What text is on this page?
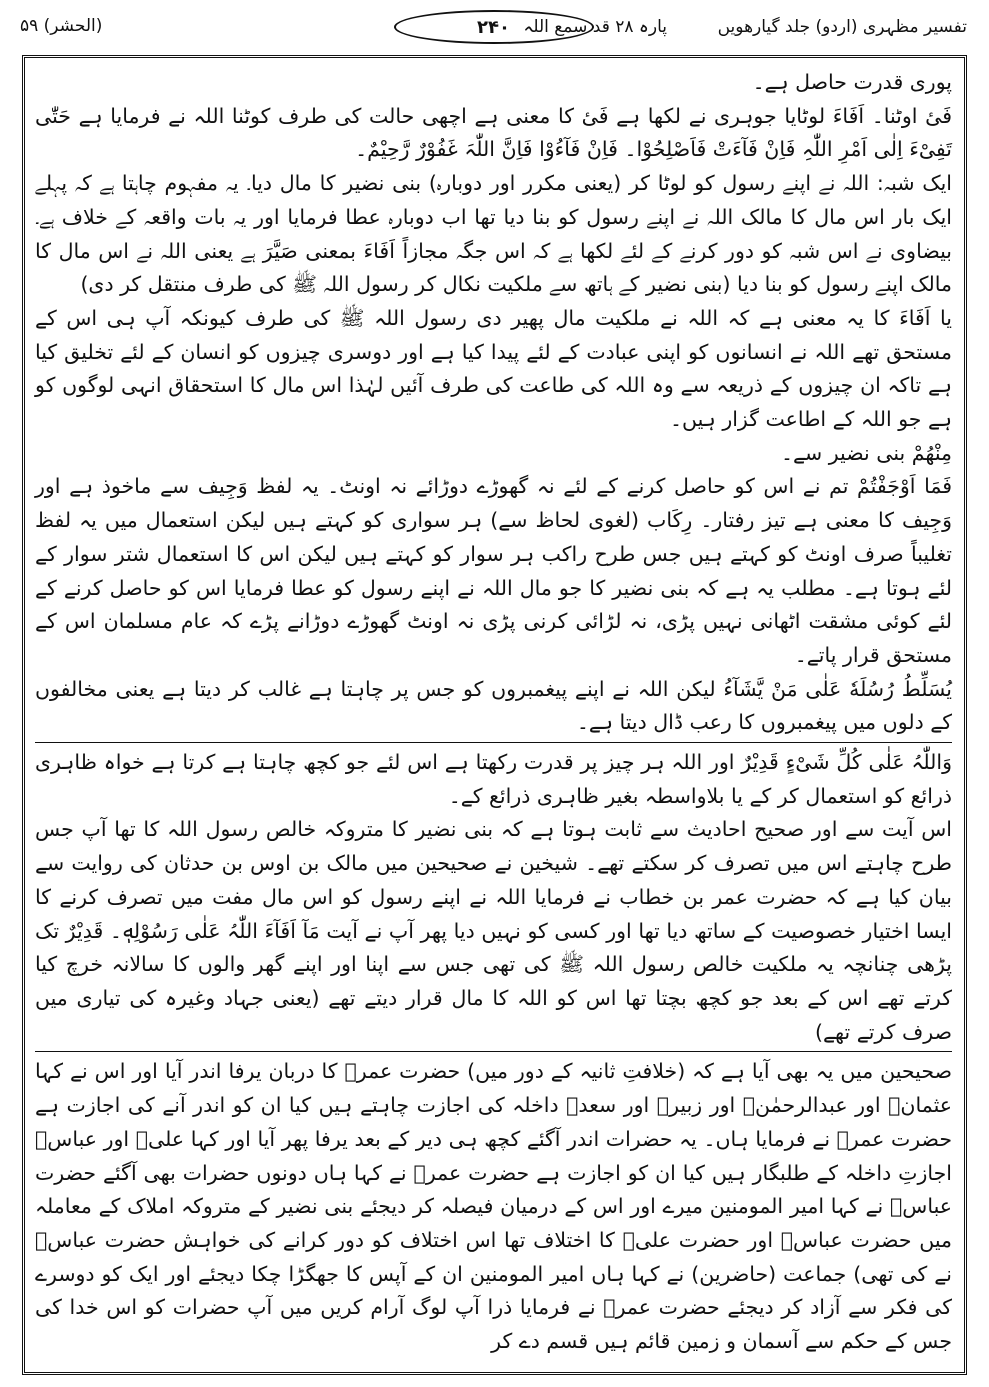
تفسیر مظہری (اردو) جلد گیارھویں
۲۴۰ پارہ ۲۸ قد سمع اللہ
(الحشر) ۵۹

پوری قدرت حاصل ہے۔

فَیٔ اوٹنا۔ اَفَاءَ لوٹایا جوہری نے لکھا ہے فَیٔ کا معنی ہے اچھی حالت کی طرف کوٹنا اللہ نے فرمایا ہے حَتّٰی تَفِیْءَ اِلٰی اَمْرِ اللّٰہِ فَاِنْ فَآءَتْ فَاَصْلِحُوْا۔ فَاِنْ فَآءُوْا فَاِنَّ اللّٰہَ غَفُوْرٌ رَّحِیْمٌ۔

ایک شبہ: اللہ نے اپنے رسول کو لوٹا کر (یعنی مکرر اور دوبارہ) بنی نضیر کا مال دیا۔ یہ مفہوم چاہتا ہے کہ پہلے ایک بار اس مال کا مالک اللہ نے اپنے رسول کو بنا دیا تھا اب دوبارہ عطا فرمایا اور یہ بات واقعہ کے خلاف ہے۔ بیضاوی نے اس شبہ کو دور کرنے کے لئے لکھا ہے کہ اس جگہ مجازاً اَفَاءَ بمعنی صَیَّرَ ہے یعنی اللہ نے اس مال کا مالک اپنے رسول کو بنا دیا (بنی نضیر کے ہاتھ سے ملکیت نکال کر رسول اللہ ﷺ کی طرف منتقل کر دی)

یا اَفَاءَ کا یہ معنی ہے کہ اللہ نے ملکیت مال پھیر دی رسول اللہ ﷺ کی طرف کیونکہ آپ ہی اس کے مستحق تھے اللہ نے انسانوں کو اپنی عبادت کے لئے پیدا کیا ہے اور دوسری چیزوں کو انسان کے لئے تخلیق کیا ہے تاکہ ان چیزوں کے ذریعہ سے وہ اللہ کی طاعت کی طرف آئیں لہٰذا اس مال کا استحقاق انہی لوگوں کو ہے جو اللہ کے اطاعت گزار ہیں۔

مِنْهُمْ بنی نضیر سے۔

فَمَا اَوْجَفْتُمْ تم نے اس کو حاصل کرنے کے لئے نہ گھوڑے دوڑائے نہ اونٹ۔ یہ لفظ وَجِیف سے ماخوذ ہے اور وَجِیف کا معنی ہے تیز رفتار۔ رِکَاب (لغوی لحاظ سے) ہر سواری کو کہتے ہیں لیکن استعمال میں یہ لفظ تغلیباً صرف اونٹ کو کہتے ہیں جس طرح راکب ہر سوار کو کہتے ہیں لیکن اس کا استعمال شتر سوار کے لئے ہوتا ہے۔ مطلب یہ ہے کہ بنی نضیر کا جو مال اللہ نے اپنے رسول کو عطا فرمایا اس کو حاصل کرنے کے لئے کوئی مشقت اٹھانی نہیں پڑی، نہ لڑائی کرنی پڑی نہ اونٹ گھوڑے دوڑانے پڑے کہ عام مسلمان اس کے مستحق قرار پاتے۔

یُسَلِّطُ رُسُلَهٗ عَلٰی مَنْ یَّشَآءُ لیکن اللہ نے اپنے پیغمبروں کو جس پر چاہتا ہے غالب کر دیتا ہے یعنی مخالفوں کے دلوں میں پیغمبروں کا رعب ڈال دیتا ہے۔

وَاللّٰہُ عَلٰی کُلِّ شَیْءٍ قَدِیْرٌ اور اللہ ہر چیز پر قدرت رکھتا ہے اس لئے جو کچھ چاہتا ہے کرتا ہے خواہ ظاہری ذرائع کو استعمال کر کے یا بلاواسطہ بغیر ظاہری ذرائع کے۔

اس آیت سے اور صحیح احادیث سے ثابت ہوتا ہے کہ بنی نضیر کا متروکہ خالص رسول اللہ کا تھا آپ جس طرح چاہتے اس میں تصرف کر سکتے تھے۔ شیخین نے صحیحین میں مالک بن اوس بن حدثان کی روایت سے بیان کیا ہے کہ حضرت عمر بن خطاب نے فرمایا اللہ نے اپنے رسول کو اس مال مفت میں تصرف کرنے کا ایسا اختیار خصوصیت کے ساتھ دیا تھا اور کسی کو نہیں دیا پھر آپ نے آیت مَآ اَفَآءَ اللّٰہُ عَلٰی رَسُوْلِهٖ۔ قَدِیْرٌ تک پڑھی چنانچہ یہ ملکیت خالص رسول اللہ ﷺ کی تھی جس سے اپنا اور اپنے گھر والوں کا سالانہ خرچ کیا کرتے تھے اس کے بعد جو کچھ بچتا تھا اس کو اللہ کا مال قرار دیتے تھے (یعنی جہاد وغیرہ کی تیاری میں صرف کرتے تھے)

صحیحین میں یہ بھی آیا ہے کہ (خلافتِ ثانیہ کے دور میں) حضرت عمرؓ کا دربان یرفا اندر آیا اور اس نے کہا عثمانؓ اور عبدالرحمٰنؓ اور زبیرؓ اور سعدؓ داخلہ کی اجازت چاہتے ہیں کیا ان کو اندر آنے کی اجازت ہے حضرت عمرؓ نے فرمایا ہاں۔ یہ حضرات اندر آگئے کچھ ہی دیر کے بعد یرفا پھر آیا اور کہا علیؓ اور عباسؓ اجازتِ داخلہ کے طلبگار ہیں کیا ان کو اجازت ہے حضرت عمرؓ نے کہا ہاں دونوں حضرات بھی آگئے حضرت عباسؓ نے کہا امیر المومنین میرے اور اس کے درمیان فیصلہ کر دیجئے بنی نضیر کے متروکہ املاک کے معاملہ میں حضرت عباسؓ اور حضرت علیؓ کا اختلاف تھا اس اختلاف کو دور کرانے کی خواہش حضرت عباسؓ نے کی تھی) جماعت (حاضرین) نے کہا ہاں امیر المومنین ان کے آپس کا جھگڑا چکا دیجئے اور ایک کو دوسرے کی فکر سے آزاد کر دیجئے حضرت عمرؓ نے فرمایا ذرا آپ لوگ آرام کریں میں آپ حضرات کو اس خدا کی جس کے حکم سے آسمان و زمین قائم ہیں قسم دے کر
